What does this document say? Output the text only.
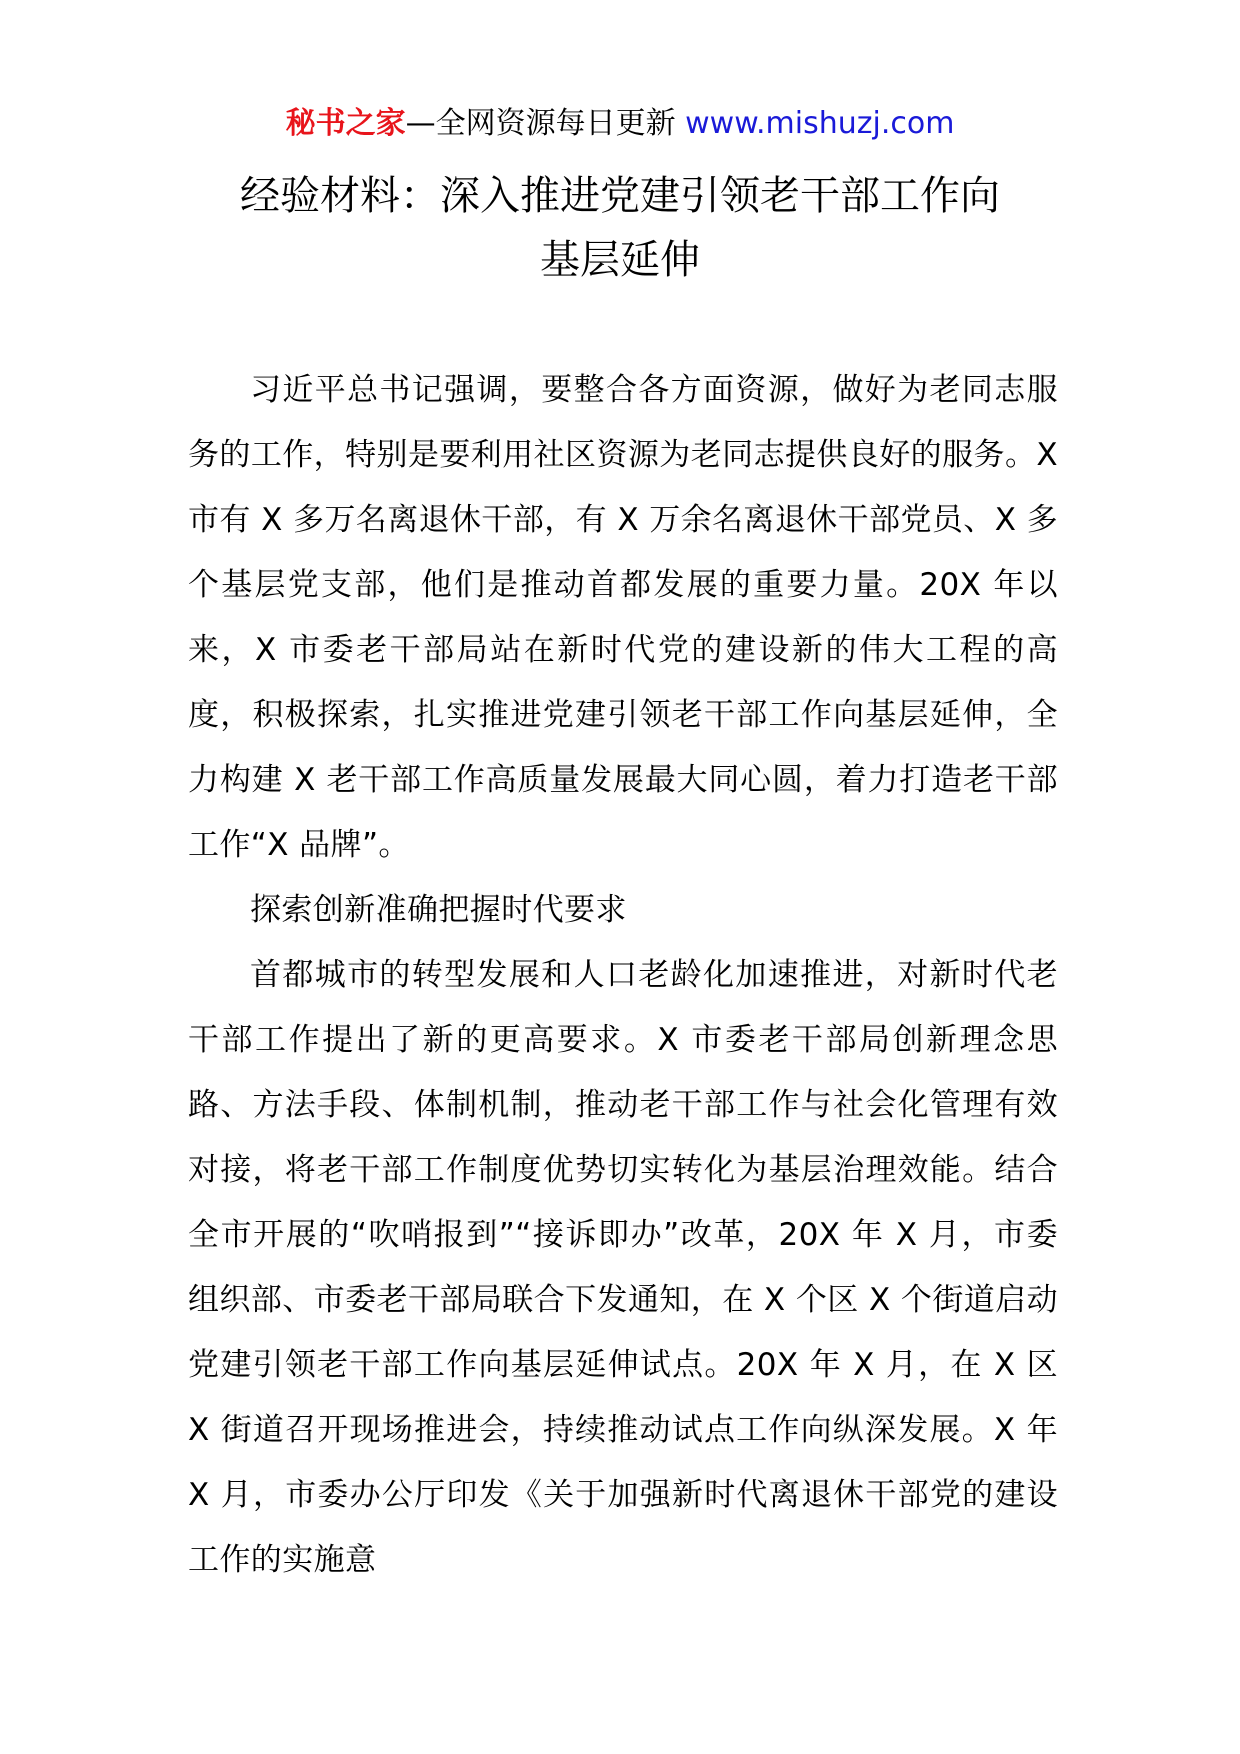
秘书之家—全网资源每日更新 www.mishuzj.com
经验材料：深入推进党建引领老干部工作向
基层延伸

习近平总书记强调，要整合各方面资源，做好为老同志服务的工作，特别是要利用社区资源为老同志提供良好的服务。X 市有 X 多万名离退休干部，有 X 万余名离退休干部党员、X 多个基层党支部，他们是推动首都发展的重要力量。20X 年以来，X 市委老干部局站在新时代党的建设新的伟大工程的高度，积极探索，扎实推进党建引领老干部工作向基层延伸，全力构建 X 老干部工作高质量发展最大同心圆，着力打造老干部工作“X 品牌”。

探索创新准确把握时代要求

首都城市的转型发展和人口老龄化加速推进，对新时代老干部工作提出了新的更高要求。X 市委老干部局创新理念思路、方法手段、体制机制，推动老干部工作与社会化管理有效对接，将老干部工作制度优势切实转化为基层治理效能。结合全市开展的“吹哨报到”“接诉即办”改革，20X 年 X 月，市委组织部、市委老干部局联合下发通知，在 X 个区 X 个街道启动党建引领老干部工作向基层延伸试点。20X 年 X 月，在 X 区 X 街道召开现场推进会，持续推动试点工作向纵深发展。X 年 X 月，市委办公厅印发《关于加强新时代离退休干部党的建设工作的实施意
